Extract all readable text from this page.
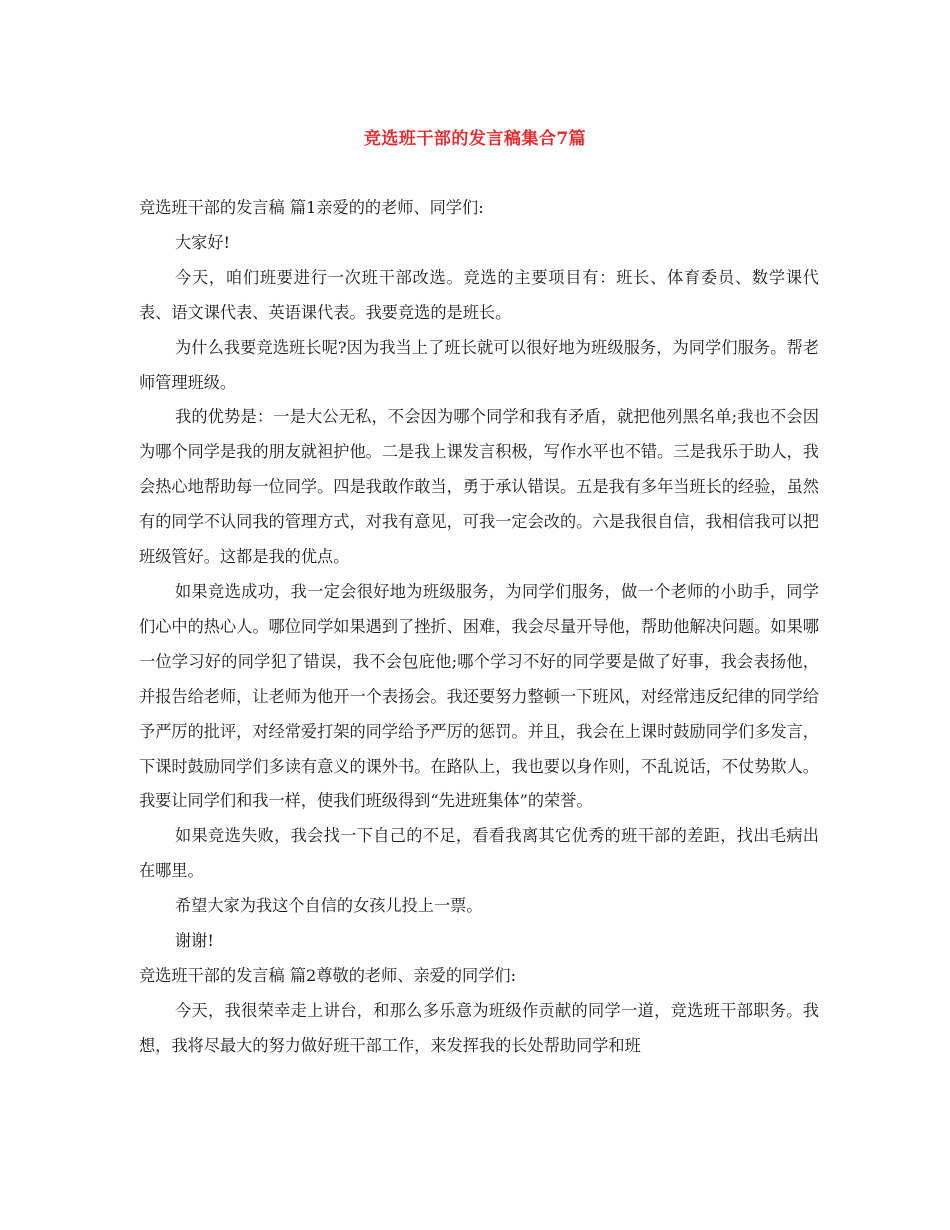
竞选班干部的发言稿集合7篇

竞选班干部的发言稿 篇1亲爱的的老师、同学们:

大家好!

今天，咱们班要进行一次班干部改选。竞选的主要项目有：班长、体育委员、数学课代表、语文课代表、英语课代表。我要竞选的是班长。

为什么我要竞选班长呢?因为我当上了班长就可以很好地为班级服务，为同学们服务。帮老师管理班级。

我的优势是：一是大公无私，不会因为哪个同学和我有矛盾，就把他列黑名单;我也不会因为哪个同学是我的朋友就袒护他。二是我上课发言积极，写作水平也不错。三是我乐于助人，我会热心地帮助每一位同学。四是我敢作敢当，勇于承认错误。五是我有多年当班长的经验，虽然有的同学不认同我的管理方式，对我有意见，可我一定会改的。六是我很自信，我相信我可以把班级管好。这都是我的优点。

如果竞选成功，我一定会很好地为班级服务，为同学们服务，做一个老师的小助手，同学们心中的热心人。哪位同学如果遇到了挫折、困难，我会尽量开导他，帮助他解决问题。如果哪一位学习好的同学犯了错误，我不会包庇他;哪个学习不好的同学要是做了好事，我会表扬他，并报告给老师，让老师为他开一个表扬会。我还要努力整顿一下班风，对经常违反纪律的同学给予严厉的批评，对经常爱打架的同学给予严厉的惩罚。并且，我会在上课时鼓励同学们多发言，下课时鼓励同学们多读有意义的课外书。在路队上，我也要以身作则，不乱说话，不仗势欺人。我要让同学们和我一样，使我们班级得到“先进班集体”的荣誉。

如果竞选失败，我会找一下自己的不足，看看我离其它优秀的班干部的差距，找出毛病出在哪里。

希望大家为我这个自信的女孩儿投上一票。

谢谢!

竞选班干部的发言稿 篇2尊敬的老师、亲爱的同学们:

今天，我很荣幸走上讲台，和那么多乐意为班级作贡献的同学一道，竞选班干部职务。我想，我将尽最大的努力做好班干部工作，来发挥我的长处帮助同学和班
